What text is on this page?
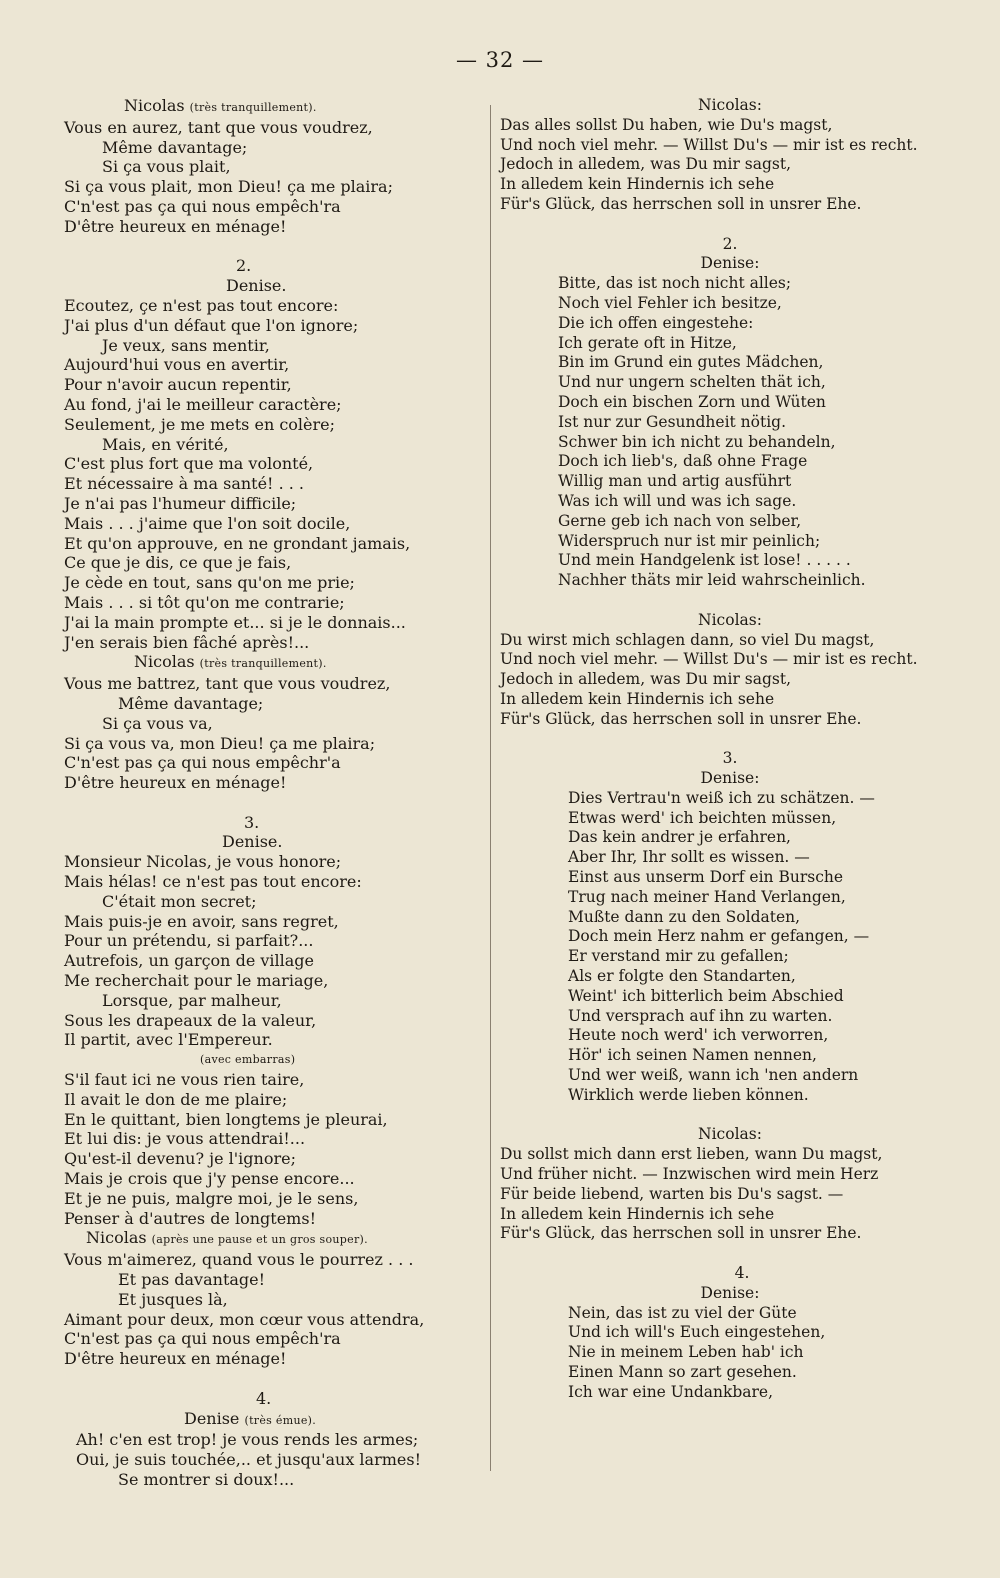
— 32 —
Nicolas (très tranquillement).
Vous en aurez, tant que vous voudrez,
Même davantage;
Si ça vous plait,
Si ça vous plait, mon Dieu! ça me plaira;
C'n'est pas ça qui nous empêch'ra
D'être heureux en ménage!
2.
Denise.
Ecoutez, çe n'est pas tout encore:
J'ai plus d'un défaut que l'on ignore;
Je veux, sans mentir,
Aujourd'hui vous en avertir,
Pour n'avoir aucun repentir,
Au fond, j'ai le meilleur caractère;
Seulement, je me mets en colère;
Mais, en vérité,
C'est plus fort que ma volonté,
Et nécessaire à ma santé! . . .
Je n'ai pas l'humeur difficile;
Mais . . . j'aime que l'on soit docile,
Et qu'on approuve, en ne grondant jamais,
Ce que je dis, ce que je fais,
Je cède en tout, sans qu'on me prie;
Mais . . . si tôt qu'on me contrarie;
J'ai la main prompte et... si je le donnais...
J'en serais bien fâché après!...
Nicolas (très tranquillement).
Vous me battrez, tant que vous voudrez,
Même davantage;
Si ça vous va,
Si ça vous va, mon Dieu! ça me plaira;
C'n'est pas ça qui nous empêchr'a
D'être heureux en ménage!
3.
Denise.
Monsieur Nicolas, je vous honore;
Mais hélas! ce n'est pas tout encore:
C'était mon secret;
Mais puis-je en avoir, sans regret,
Pour un prétendu, si parfait?...
Autrefois, un garçon de village
Me recherchait pour le mariage,
Lorsque, par malheur,
Sous les drapeaux de la valeur,
Il partit, avec l'Empereur.
(avec embarras)
S'il faut ici ne vous rien taire,
Il avait le don de me plaire;
En le quittant, bien longtems je pleurai,
Et lui dis: je vous attendrai!...
Qu'est-il devenu? je l'ignore;
Mais je crois que j'y pense encore...
Et je ne puis, malgre moi, je le sens,
Penser à d'autres de longtems!
Nicolas (après une pause et un gros souper).
Vous m'aimerez, quand vous le pourrez . . .
Et pas davantage!
Et jusques là,
Aimant pour deux, mon cœur vous attendra,
C'n'est pas ça qui nous empêch'ra
D'être heureux en ménage!
4.
Denise (très émue).
Ah! c'en est trop! je vous rends les armes;
Oui, je suis touchée,.. et jusqu'aux larmes!
Se montrer si doux!...
Nicolas:
Das alles sollst Du haben, wie Du's magst,
Und noch viel mehr. — Willst Du's — mir ist es recht.
Jedoch in alledem, was Du mir sagst,
In alledem kein Hindernis ich sehe
Für's Glück, das herrschen soll in unsrer Ehe.
2.
Denise:
Bitte, das ist noch nicht alles;
Noch viel Fehler ich besitze,
Die ich offen eingestehe:
Ich gerate oft in Hitze,
Bin im Grund ein gutes Mädchen,
Und nur ungern schelten thät ich,
Doch ein bischen Zorn und Wüten
Ist nur zur Gesundheit nötig.
Schwer bin ich nicht zu behandeln,
Doch ich lieb's, daß ohne Frage
Willig man und artig ausführt
Was ich will und was ich sage.
Gerne geb ich nach von selber,
Widerspruch nur ist mir peinlich;
Und mein Handgelenk ist lose! . . . . .
Nachher thäts mir leid wahrscheinlich.
Nicolas:
Du wirst mich schlagen dann, so viel Du magst,
Und noch viel mehr. — Willst Du's — mir ist es recht.
Jedoch in alledem, was Du mir sagst,
In alledem kein Hindernis ich sehe
Für's Glück, das herrschen soll in unsrer Ehe.
3.
Denise:
Dies Vertrau'n weiß ich zu schätzen. —
Etwas werd' ich beichten müssen,
Das kein andrer je erfahren,
Aber Ihr, Ihr sollt es wissen. —
Einst aus unserm Dorf ein Bursche
Trug nach meiner Hand Verlangen,
Mußte dann zu den Soldaten,
Doch mein Herz nahm er gefangen, —
Er verstand mir zu gefallen;
Als er folgte den Standarten,
Weint' ich bitterlich beim Abschied
Und versprach auf ihn zu warten.
Heute noch werd' ich verworren,
Hör' ich seinen Namen nennen,
Und wer weiß, wann ich 'nen andern
Wirklich werde lieben können.
Nicolas:
Du sollst mich dann erst lieben, wann Du magst,
Und früher nicht. — Inzwischen wird mein Herz
Für beide liebend, warten bis Du's sagst. —
In alledem kein Hindernis ich sehe
Für's Glück, das herrschen soll in unsrer Ehe.
4.
Denise:
Nein, das ist zu viel der Güte
Und ich will's Euch eingestehen,
Nie in meinem Leben hab' ich
Einen Mann so zart gesehen.
Ich war eine Undankbare,
